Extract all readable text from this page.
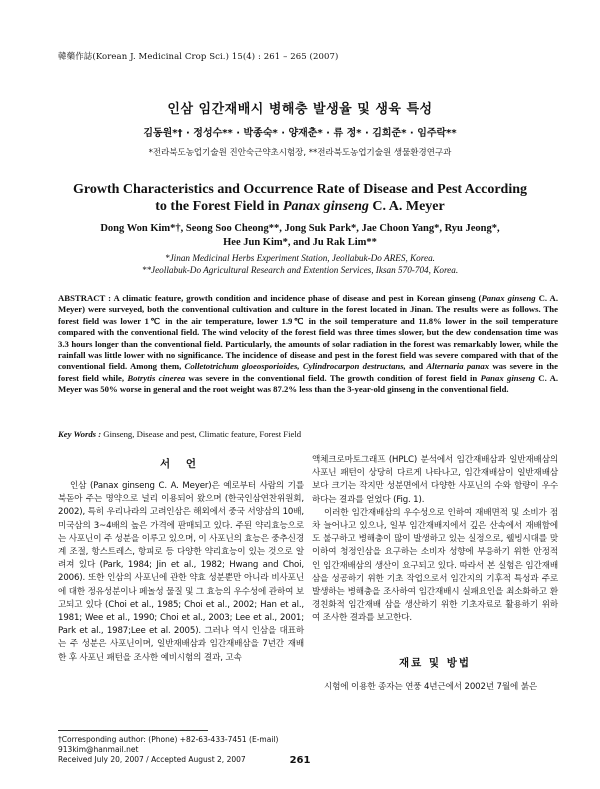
韓藥作誌(Korean J. Medicinal Crop Sci.) 15(4) : 261 – 265 (2007)
인삼 임간재배시 병해충 발생율 및 생육 특성
김동원*† · 정성수** · 박종숙* · 양재춘* · 류 정* · 김희준* · 임주락**
*전라북도농업기술원 진안숙근약초시험장, **전라북도농업기술원 생물환경연구과
Growth Characteristics and Occurrence Rate of Disease and Pest According
to the Forest Field in Panax ginseng C. A. Meyer
Dong Won Kim*†, Seong Soo Cheong**, Jong Suk Park*, Jae Choon Yang*, Ryu Jeong*,
Hee Jun Kim*, and Ju Rak Lim**
*Jinan Medicinal Herbs Experiment Station, Jeollabuk-Do ARES, Korea.
**Jeollabuk-Do Agricultural Research and Extention Services, Iksan 570-704, Korea.
ABSTRACT : A climatic feature, growth condition and incidence phase of disease and pest in Korean ginseng (Panax ginseng C. A. Meyer) were surveyed, both the conventional cultivation and culture in the forest located in Jinan. The results were as follows. The forest field was lower 1℃ in the air temperature, lower 1.9℃ in the soil temperature and 11.8% lower in the soil temperature compared with the conventional field. The wind velocity of the forest field was three times slower, but the dew condensation time was 3.3 hours longer than the conventional field. Particularly, the amounts of solar radiation in the forest was remarkably lower, while the rainfall was little lower with no significance. The incidence of disease and pest in the forest field was severe compared with that of the conventional field. Among them, Colletotrichum gloeosporioides, Cylindrocarpon destructans, and Alternaria panax was severe in the forest field while, Botrytis cinerea was severe in the conventional field. The growth condition of forest field in Panax ginseng C. A. Meyer was 50% worse in general and the root weight was 87.2% less than the 3-year-old ginseng in the conventional field.
Key Words : Ginseng, Disease and pest, Climatic feature, Forest Field
서 언

인삼 (Panax ginseng C. A. Meyer)은 예로부터 사람의 기를 북돋아 주는 명약으로 널리 이용되어 왔으며 (한국인삼연찬위원회, 2002), 특히 우리나라의 고려인삼은 해외에서 중국 서양삼의 10배, 미국삼의 3~4배의 높은 가격에 판매되고 있다. 주된 약리효능으로는 사포닌이 주 성분을 이루고 있으며, 이 사포닌의 효능은 중추신경계 조절, 항스트레스, 항피로 등 다양한 약리효능이 있는 것으로 알려져 있다 (Park, 1984; Jin et al., 1982; Hwang and Choi, 2006). 또한 인삼의 사포닌에 관한 약효 성분뿐만 아니라 비사포닌에 대한 정유성분이나 페놀성 물질 및 그 효능의 우수성에 관하여 보고되고 있다 (Choi et al., 1985; Choi et al., 2002; Han et al., 1981; Wee et al., 1990; Choi et al., 2003; Lee et al., 2001; Park et al., 1987;Lee et al. 2005). 그러나 역시 인삼을 대표하는 주 성분은 사포닌이며, 일반재배삼과 임간재배삼을 7년간 재배한 후 사포닌 패턴을 조사한 예비시험의 결과, 고속

액체크로마토그래프 (HPLC) 분석에서 임간재배삼과 일반재배삼의 사포닌 패턴이 상당히 다르게 나타나고, 임간재배삼이 일반재배삼보다 크기는 작지만 성분면에서 다양한 사포닌의 수와 함량이 우수하다는 결과를 얻었다 (Fig. 1).

이러한 임간재배삼의 우수성으로 인하여 재배면적 및 소비가 점차 늘어나고 있으나, 일부 임간재배지에서 깊은 산속에서 재배함에도 불구하고 병해충이 많이 발생하고 있는 실정으로, 웰빙시대를 맞이하여 청정인삼을 요구하는 소비자 성향에 부응하기 위한 안정적인 임간재배삼의 생산이 요구되고 있다. 따라서 본 실험은 임간재배삼을 성공하기 위한 기초 작업으로서 임간지의 기후적 특성과 주로 발생하는 병해충을 조사하여 임간재배시 실패요인을 최소화하고 환경친화적 임간재배 삼을 생산하기 위한 기초자료로 활용하기 위하여 조사한 결과를 보고한다.

재료 및 방법

시험에 이용한 종자는 연풍 4년근에서 2002년 7월에 붉은

†Corresponding author: (Phone) +82-63-433-7451 (E-mail) 913kim@hanmail.net
Received July 20, 2007 / Accepted August 2, 2007	261
